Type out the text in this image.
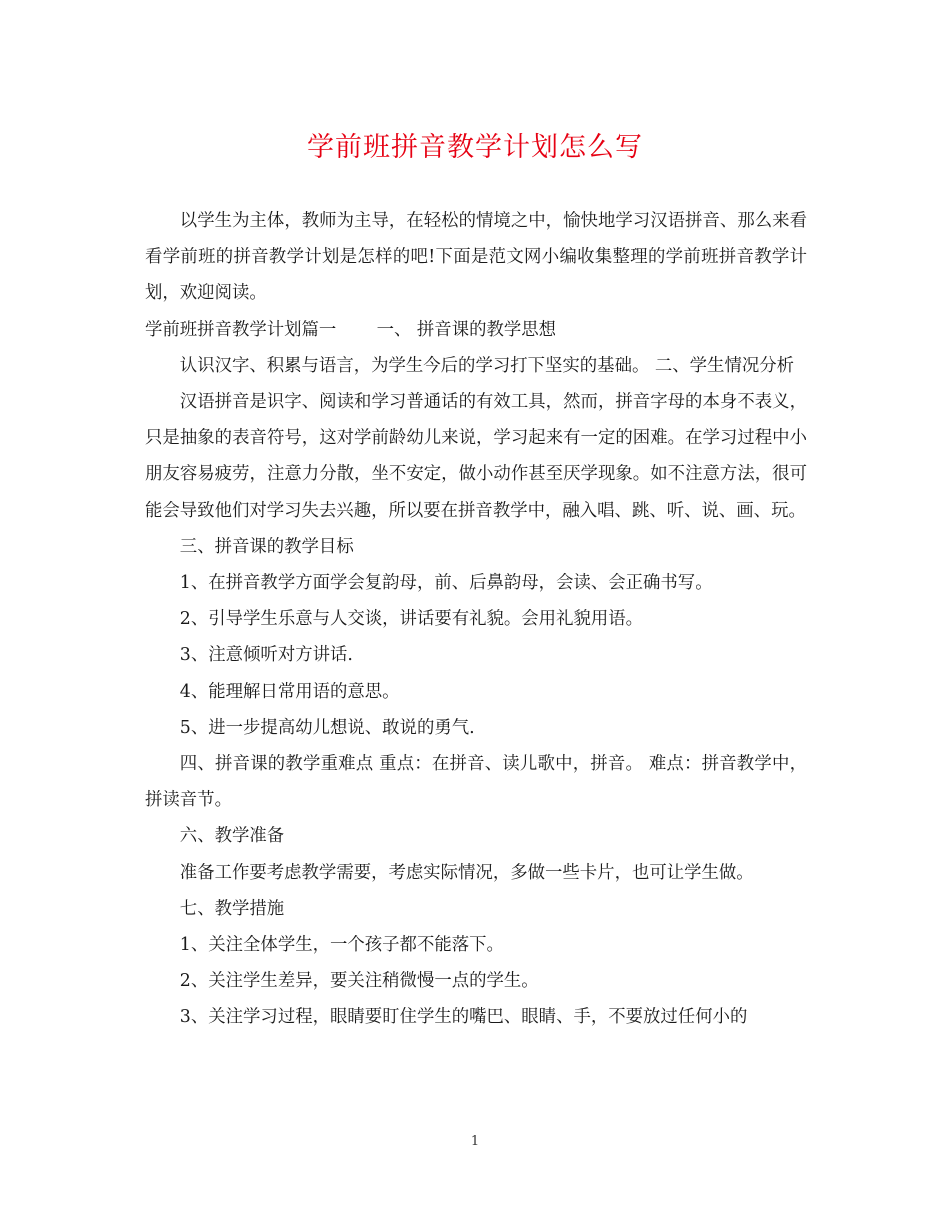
学前班拼音教学计划怎么写

以学生为主体，教师为主导，在轻松的情境之中，愉快地学习汉语拼音、那么来看看学前班的拼音教学计划是怎样的吧!下面是范文网小编收集整理的学前班拼音教学计划，欢迎阅读。

学前班拼音教学计划篇一　　 一、 拼音课的教学思想

认识汉字、积累与语言，为学生今后的学习打下坚实的基础。 二、学生情况分析

汉语拼音是识字、阅读和学习普通话的有效工具，然而，拼音字母的本身不表义，只是抽象的表音符号，这对学前龄幼儿来说，学习起来有一定的困难。在学习过程中小朋友容易疲劳，注意力分散，坐不安定，做小动作甚至厌学现象。如不注意方法，很可能会导致他们对学习失去兴趣，所以要在拼音教学中，融入唱、跳、听、说、画、玩。

三、拼音课的教学目标

1、在拼音教学方面学会复韵母，前、后鼻韵母，会读、会正确书写。

2、引导学生乐意与人交谈，讲话要有礼貌。会用礼貌用语。

3、注意倾听对方讲话.

4、能理解日常用语的意思。

5、进一步提高幼儿想说、敢说的勇气.

四、拼音课的教学重难点 重点：在拼音、读儿歌中，拼音。 难点：拼音教学中，拼读音节。

六、教学准备

准备工作要考虑教学需要，考虑实际情况，多做一些卡片，也可让学生做。

七、教学措施

1、关注全体学生，一个孩子都不能落下。

2、关注学生差异，要关注稍微慢一点的学生。

3、关注学习过程，眼睛要盯住学生的嘴巴、眼睛、手，不要放过任何小的

1
